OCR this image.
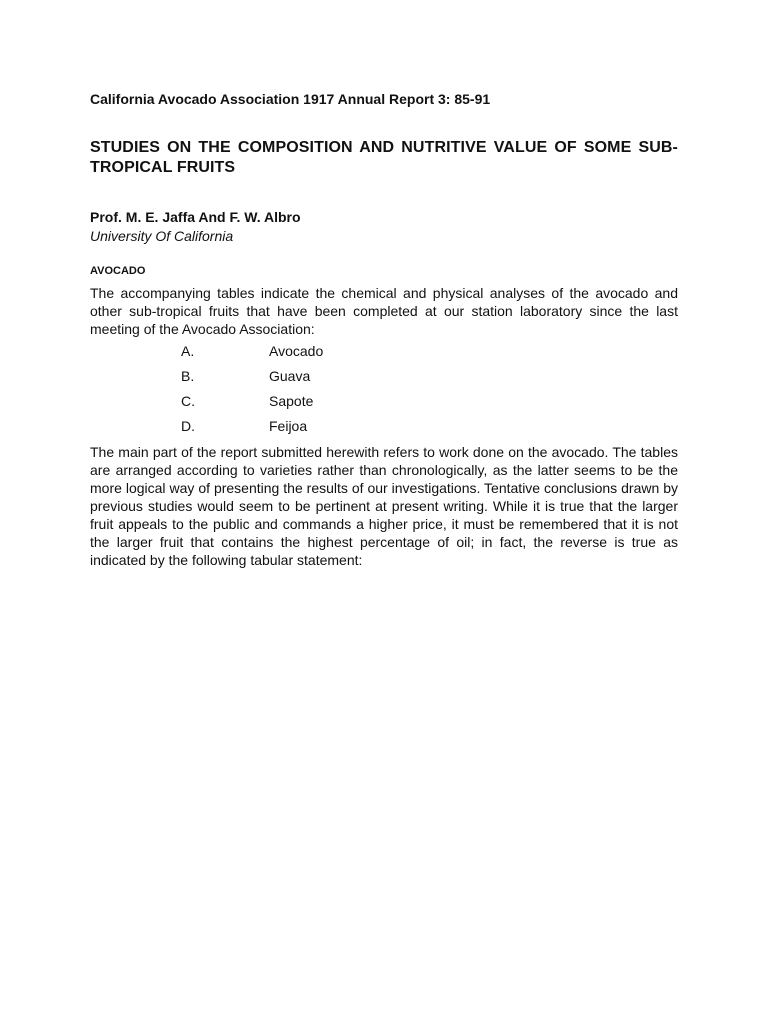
California Avocado Association 1917 Annual Report 3: 85-91

STUDIES ON THE COMPOSITION AND NUTRITIVE VALUE OF SOME SUB-TROPICAL FRUITS

Prof. M. E. Jaffa And F. W. Albro

University Of California

AVOCADO

The accompanying tables indicate the chemical and physical analyses of the avocado and other sub-tropical fruits that have been completed at our station laboratory since the last meeting of the Avocado Association:

A.	Avocado
B.	Guava
C.	Sapote
D.	Feijoa

The main part of the report submitted herewith refers to work done on the avocado. The tables are arranged according to varieties rather than chronologically, as the latter seems to be the more logical way of presenting the results of our investigations. Tentative conclusions drawn by previous studies would seem to be pertinent at present writing. While it is true that the larger fruit appeals to the public and commands a higher price, it must be remembered that it is not the larger fruit that contains the highest percentage of oil; in fact, the reverse is true as indicated by the following tabular statement:
